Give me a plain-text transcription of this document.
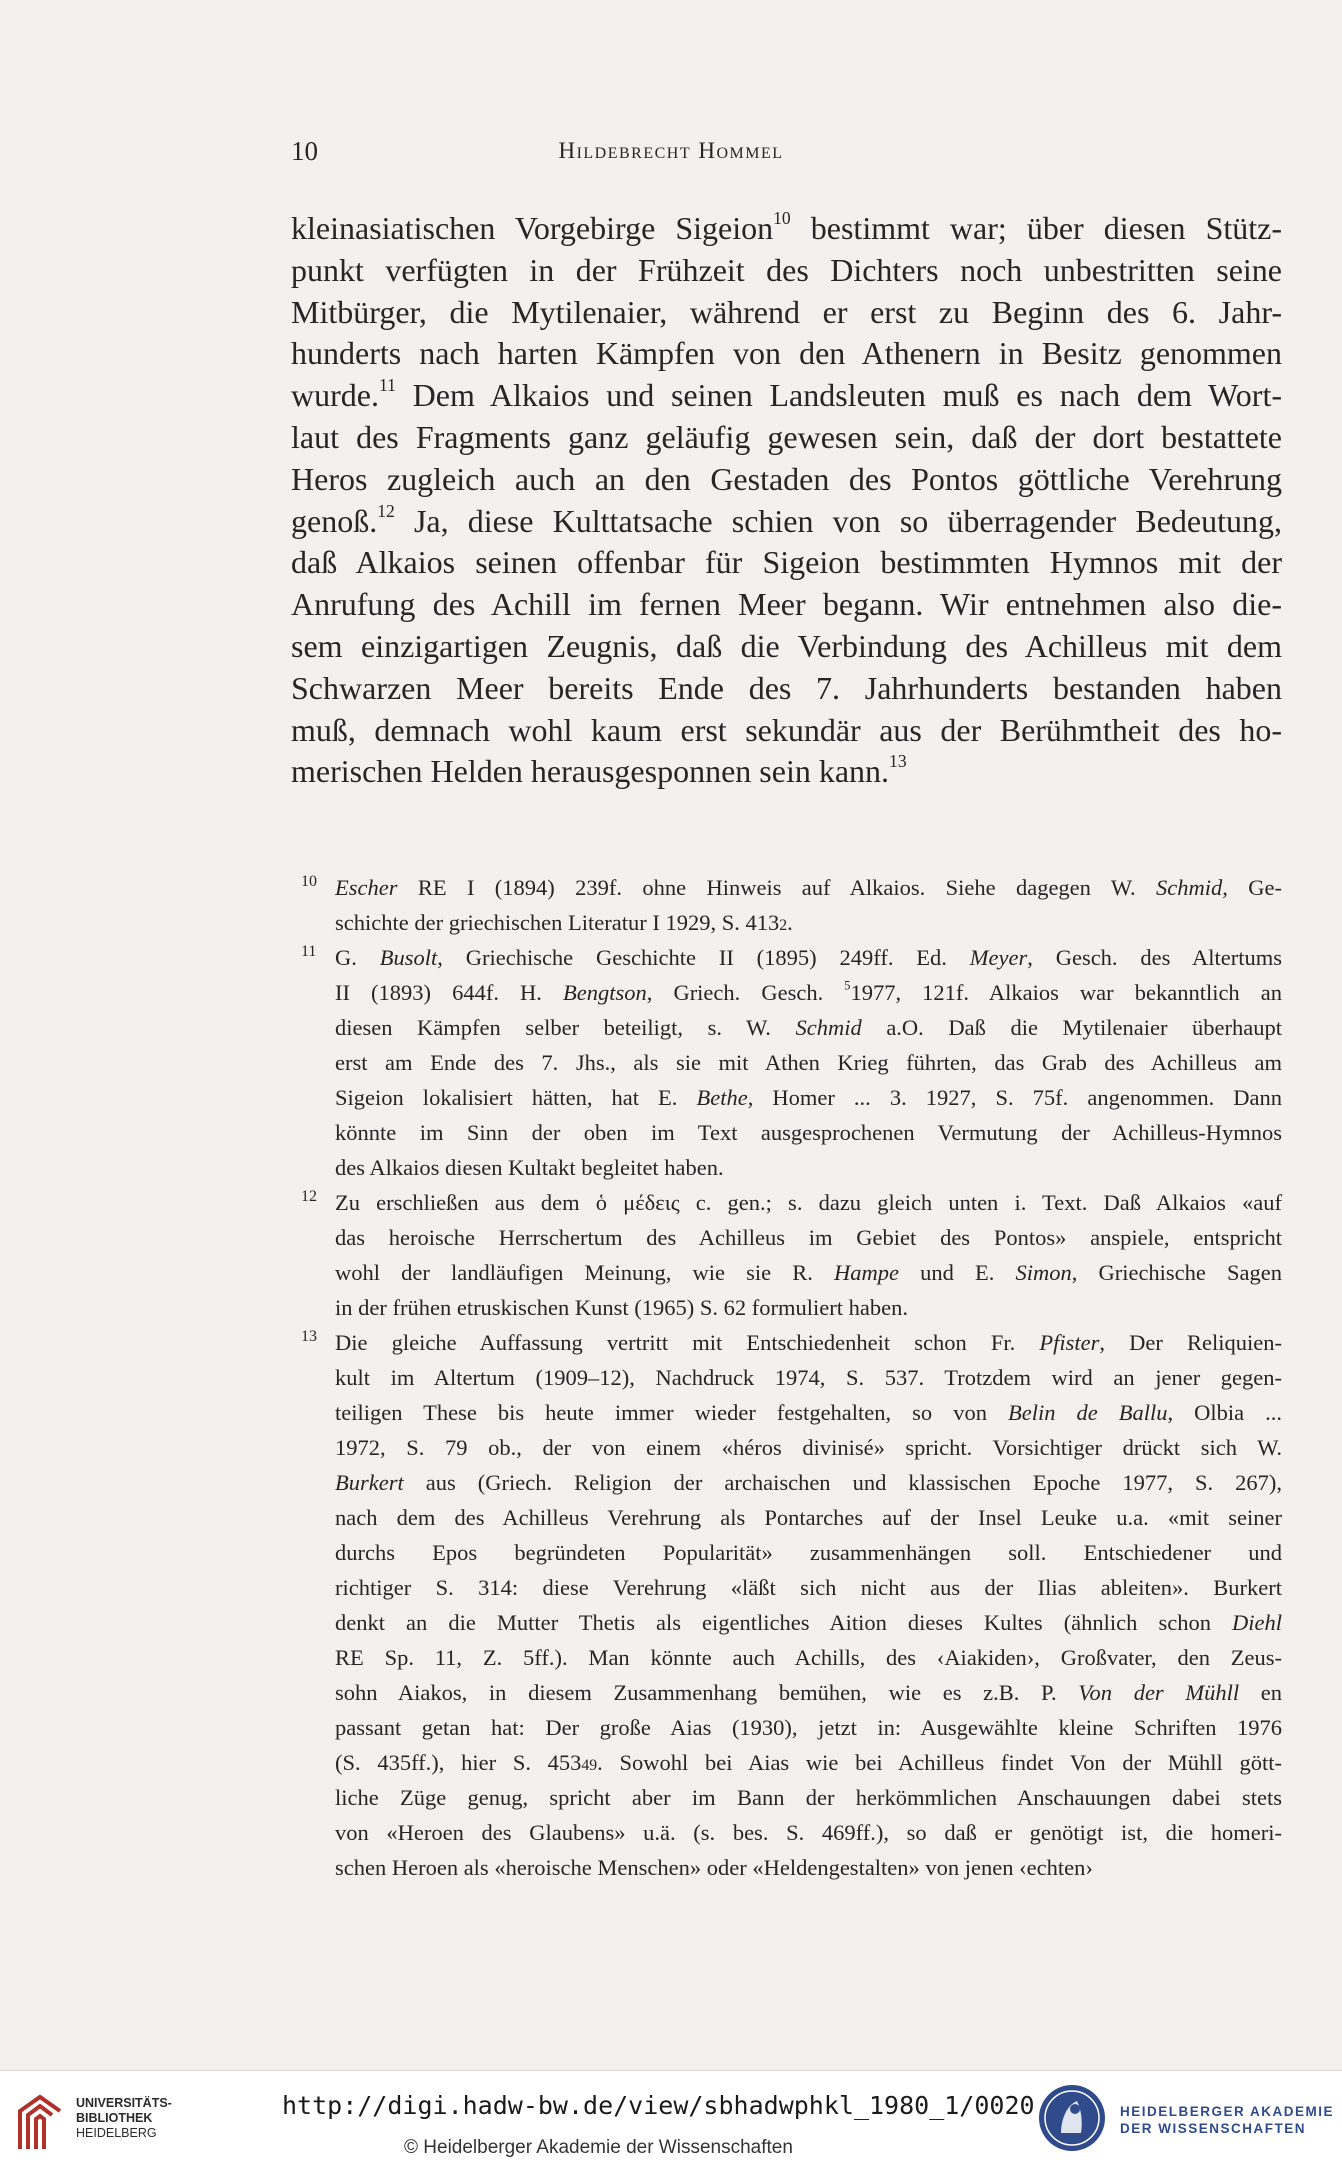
10	Hildebrecht Hommel
kleinasiatischen Vorgebirge Sigeion$^{10}$ bestimmt war; über diesen Stütz-
punkt verfügten in der Frühzeit des Dichters noch unbestritten seine
Mitbürger, die Mytilenaier, während er erst zu Beginn des 6. Jahr-
hunderts nach harten Kämpfen von den Athenern in Besitz genommen
wurde.$^{11}$ Dem Alkaios und seinen Landsleuten muß es nach dem Wort-
laut des Fragments ganz geläufig gewesen sein, daß der dort bestattete
Heros zugleich auch an den Gestaden des Pontos göttliche Verehrung
genoß.$^{12}$ Ja, diese Kulttatsache schien von so überragender Bedeutung,
daß Alkaios seinen offenbar für Sigeion bestimmten Hymnos mit der
Anrufung des Achill im fernen Meer begann. Wir entnehmen also die-
sem einzigartigen Zeugnis, daß die Verbindung des Achilleus mit dem
Schwarzen Meer bereits Ende des 7. Jahrhunderts bestanden haben
muß, demnach wohl kaum erst sekundär aus der Berühmtheit des ho-
merischen Helden herausgesponnen sein kann.$^{13}$
10 Escher RE I (1894) 239f. ohne Hinweis auf Alkaios. Siehe dagegen W. Schmid, Ge-
schichte der griechischen Literatur I 1929, S. 4132.
11 G. Busolt, Griechische Geschichte II (1895) 249ff. Ed. Meyer, Gesch. des Altertums
II (1893) 644f. H. Bengtson, Griech. Gesch. $^5$1977, 121f. Alkaios war bekanntlich an
diesen Kämpfen selber beteiligt, s. W. Schmid a.O. Daß die Mytilenaier überhaupt
erst am Ende des 7. Jhs., als sie mit Athen Krieg führten, das Grab des Achilleus am
Sigeion lokalisiert hätten, hat E. Bethe, Homer ... 3. 1927, S. 75f. angenommen. Dann
könnte im Sinn der oben im Text ausgesprochenen Vermutung der Achilleus-Hymnos
des Alkaios diesen Kultakt begleitet haben.
12 Zu erschließen aus dem ὁ μέδεις c. gen.; s. dazu gleich unten i. Text. Daß Alkaios «auf
das heroische Herrschertum des Achilleus im Gebiet des Pontos» anspiele, entspricht
wohl der landläufigen Meinung, wie sie R. Hampe und E. Simon, Griechische Sagen
in der frühen etruskischen Kunst (1965) S. 62 formuliert haben.
13 Die gleiche Auffassung vertritt mit Entschiedenheit schon Fr. Pfister, Der Reliquien-
kult im Altertum (1909–12), Nachdruck 1974, S. 537. Trotzdem wird an jener gegen-
teiligen These bis heute immer wieder festgehalten, so von Belin de Ballu, Olbia ...
1972, S. 79 ob., der von einem «héros divinisé» spricht. Vorsichtiger drückt sich W.
Burkert aus (Griech. Religion der archaischen und klassischen Epoche 1977, S. 267),
nach dem des Achilleus Verehrung als Pontarches auf der Insel Leuke u.a. «mit seiner
durchs Epos begründeten Popularität» zusammenhängen soll. Entschiedener und
richtiger S. 314: diese Verehrung «läßt sich nicht aus der Ilias ableiten». Burkert
denkt an die Mutter Thetis als eigentliches Aition dieses Kultes (ähnlich schon Diehl
RE Sp. 11, Z. 5ff.). Man könnte auch Achills, des ‹Aiakiden›, Großvater, den Zeus-
sohn Aiakos, in diesem Zusammenhang bemühen, wie es z.B. P. Von der Mühll en
passant getan hat: Der große Aias (1930), jetzt in: Ausgewählte kleine Schriften 1976
(S. 435ff.), hier S. 45349. Sowohl bei Aias wie bei Achilleus findet Von der Mühll gött-
liche Züge genug, spricht aber im Bann der herkömmlichen Anschauungen dabei stets
von «Heroen des Glaubens» u.ä. (s. bes. S. 469ff.), so daß er genötigt ist, die homeri-
schen Heroen als «heroische Menschen» oder «Heldengestalten» von jenen ‹echten›
UNIVERSITÄTS-
BIBLIOTHEK
HEIDELBERG
http://digi.hadw-bw.de/view/sbhadwphkl_1980_1/0020
© Heidelberger Akademie der Wissenschaften
HEIDELBERGER AKADEMIE
DER WISSENSCHAFTEN
